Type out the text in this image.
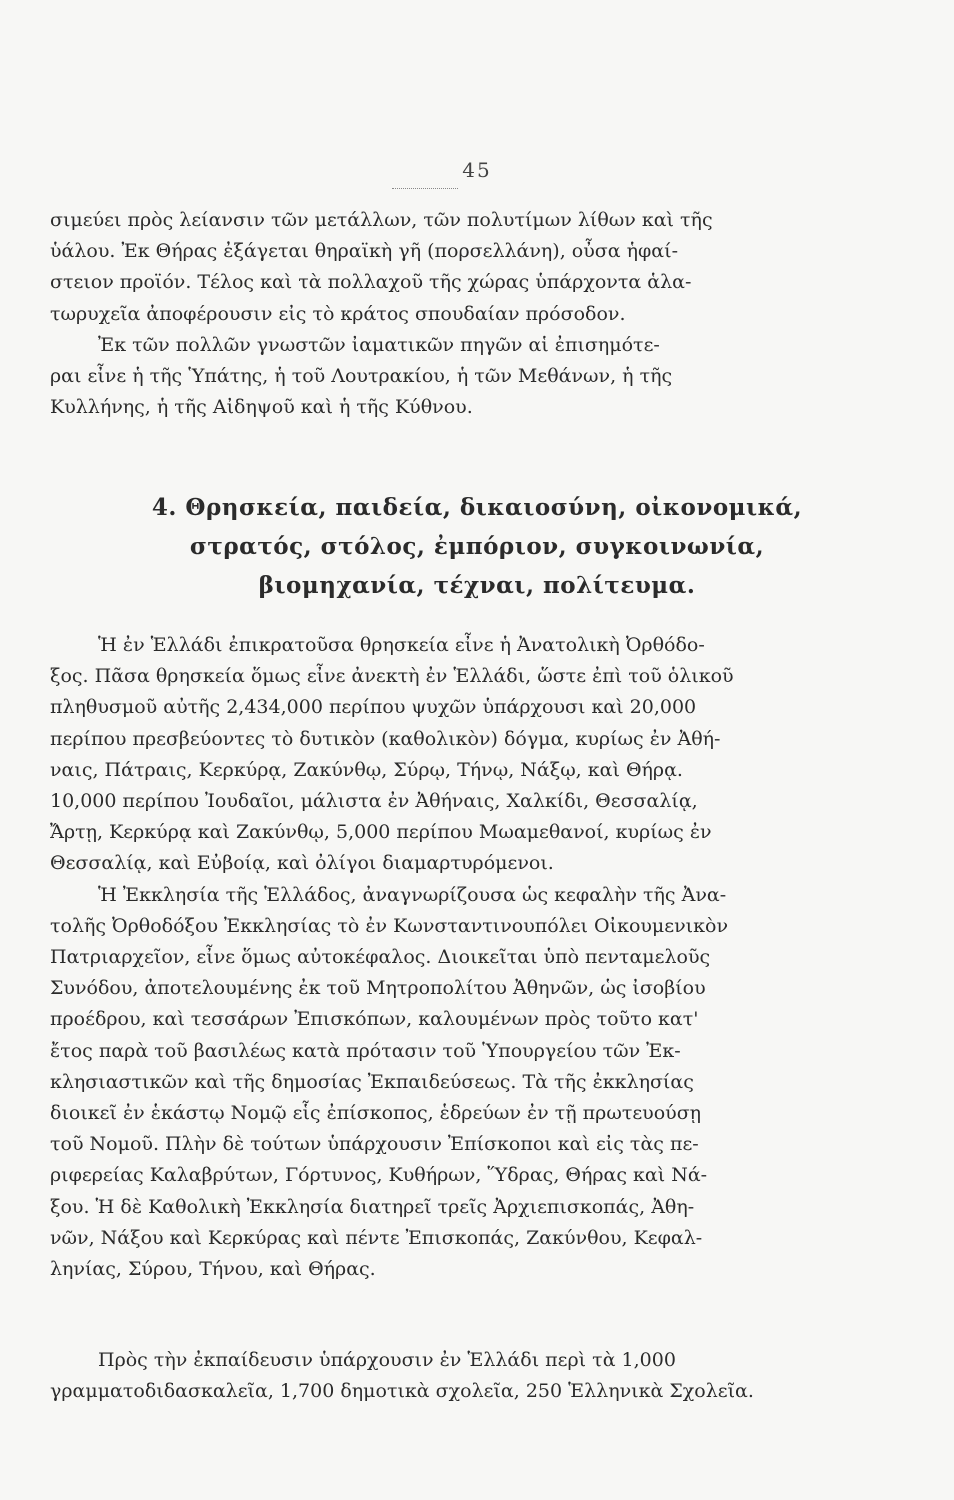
45
σιμεύει πρὸς λείανσιν τῶν μετάλλων, τῶν πολυτίμων λίθων καὶ τῆς
ὑάλου. Ἐκ Θήρας ἐξάγεται θηραϊκὴ γῆ (πορσελλάνη), οὖσα ἡφαί-
στειον προϊόν. Τέλος καὶ τὰ πολλαχοῦ τῆς χώρας ὑπάρχοντα ἁλα-
τωρυχεῖα ἀποφέρουσιν εἰς τὸ κράτος σπουδαίαν πρόσοδον.
Ἐκ τῶν πολλῶν γνωστῶν ἰαματικῶν πηγῶν αἱ ἐπισημότε-
ραι εἶνε ἡ τῆς Ὑπάτης, ἡ τοῦ Λουτρακίου, ἡ τῶν Μεθάνων, ἡ τῆς
Κυλλήνης, ἡ τῆς Αἰδηψοῦ καὶ ἡ τῆς Κύθνου.
4. Θρησκεία, παιδεία, δικαιοσύνη, οἰκονομικά,
στρατός, στόλος, ἐμπόριον, συγκοινωνία,
βιομηχανία, τέχναι, πολίτευμα.
Ἡ ἐν Ἑλλάδι ἐπικρατοῦσα θρησκεία εἶνε ἡ Ἀνατολικὴ Ὀρθόδο-
ξος. Πᾶσα θρησκεία ὅμως εἶνε ἀνεκτὴ ἐν Ἑλλάδι, ὥστε ἐπὶ τοῦ ὁλικοῦ
πληθυσμοῦ αὐτῆς 2,434,000 περίπου ψυχῶν ὑπάρχουσι καὶ 20,000
περίπου πρεσβεύοντες τὸ δυτικὸν (καθολικὸν) δόγμα, κυρίως ἐν Ἀθή-
ναις, Πάτραις, Κερκύρᾳ, Ζακύνθῳ, Σύρῳ, Τήνῳ, Νάξῳ, καὶ Θήρᾳ.
10,000 περίπου Ἰουδαῖοι, μάλιστα ἐν Ἀθήναις, Χαλκίδι, Θεσσαλίᾳ,
Ἄρτῃ, Κερκύρᾳ καὶ Ζακύνθῳ, 5,000 περίπου Μωαμεθανοί, κυρίως ἐν
Θεσσαλίᾳ, καὶ Εὐβοίᾳ, καὶ ὀλίγοι διαμαρτυρόμενοι.
Ἡ Ἐκκλησία τῆς Ἑλλάδος, ἀναγνωρίζουσα ὡς κεφαλὴν τῆς Ἀνα-
τολῆς Ὀρθοδόξου Ἐκκλησίας τὸ ἐν Κωνσταντινουπόλει Οἰκουμενικὸν
Πατριαρχεῖον, εἶνε ὅμως αὐτοκέφαλος. Διοικεῖται ὑπὸ πενταμελοῦς
Συνόδου, ἀποτελουμένης ἐκ τοῦ Μητροπολίτου Ἀθηνῶν, ὡς ἰσοβίου
προέδρου, καὶ τεσσάρων Ἐπισκόπων, καλουμένων πρὸς τοῦτο κατ'
ἔτος παρὰ τοῦ βασιλέως κατὰ πρότασιν τοῦ Ὑπουργείου τῶν Ἐκ-
κλησιαστικῶν καὶ τῆς δημοσίας Ἐκπαιδεύσεως. Τὰ τῆς ἐκκλησίας
διοικεῖ ἐν ἑκάστῳ Νομῷ εἷς ἐπίσκοπος, ἑδρεύων ἐν τῇ πρωτευούσῃ
τοῦ Νομοῦ. Πλὴν δὲ τούτων ὑπάρχουσιν Ἐπίσκοποι καὶ εἰς τὰς πε-
ριφερείας Καλαβρύτων, Γόρτυνος, Κυθήρων, Ὕδρας, Θήρας καὶ Νά-
ξου. Ἡ δὲ Καθολικὴ Ἐκκλησία διατηρεῖ τρεῖς Ἀρχιεπισκοπάς, Ἀθη-
νῶν, Νάξου καὶ Κερκύρας καὶ πέντε Ἐπισκοπάς, Ζακύνθου, Κεφαλ-
ληνίας, Σύρου, Τήνου, καὶ Θήρας.
Πρὸς τὴν ἐκπαίδευσιν ὑπάρχουσιν ἐν Ἑλλάδι περὶ τὰ 1,000
γραμματοδιδασκαλεῖα, 1,700 δημοτικὰ σχολεῖα, 250 Ἑλληνικὰ Σχολεῖα.
